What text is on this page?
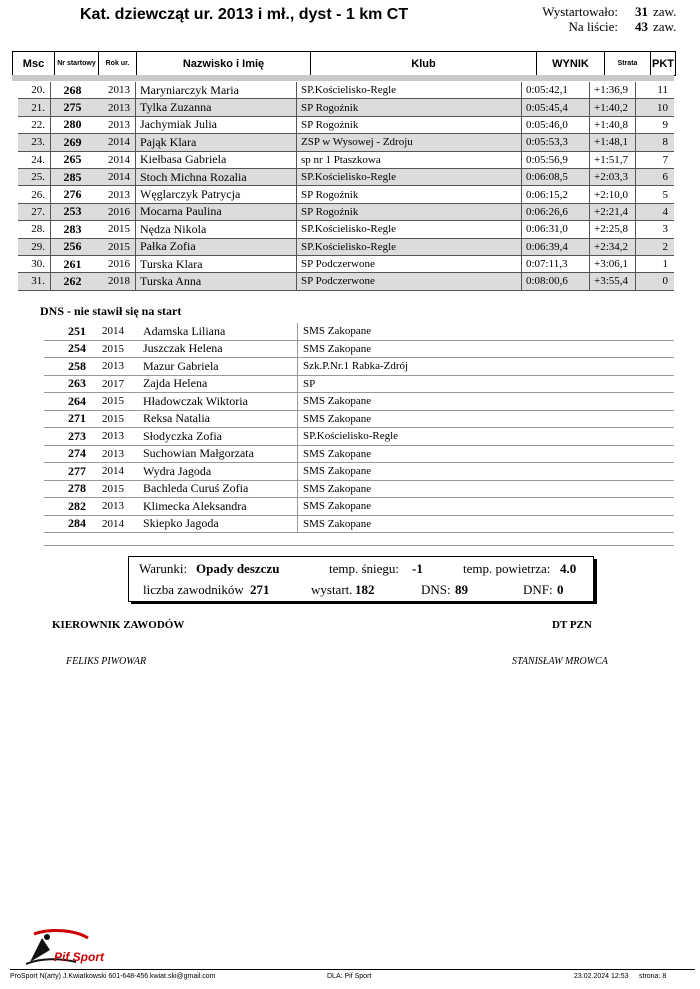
Kat. dziewcząt ur. 2013 i mł., dyst - 1 km CT	Wystartowało:	31 zaw.
Na liście:	43 zaw.
Msc	Nr startowy	Rok ur.	Nazwisko i Imię	Klub	WYNIK	Strata	PKT
20.	268	2013 Maryniarczyk Maria	SP.Kościelisko-Regle	0:05:42,1	+1:36,9	11
21.	275	2013 Tylka Zuzanna	SP Rogoźnik	0:05:45,4	+1:40,2	10
22.	280	2013 Jachymiak Julia	SP Rogoźnik	0:05:46,0	+1:40,8	9
23.	269	2014 Pająk Klara	ZSP w Wysowej - Zdroju	0:05:53,3	+1:48,1	8
24.	265	2014 Kiełbasa Gabriela	sp nr 1 Ptaszkowa	0:05:56,9	+1:51,7	7
25.	285	2014 Stoch Michna Rozalia	SP.Kościelisko-Regle	0:06:08,5	+2:03,3	6
26.	276	2013 Węglarczyk Patrycja	SP Rogoźnik	0:06:15,2	+2:10,0	5
27.	253	2016 Mocarna Paulina	SP Rogoźnik	0:06:26,6	+2:21,4	4
28.	283	2015 Nędza Nikola	SP.Kościelisko-Regle	0:06:31,0	+2:25,8	3
29.	256	2015 Pałka Zofia	SP.Kościelisko-Regle	0:06:39,4	+2:34,2	2
30.	261	2016 Turska Klara	SP Podczerwone	0:07:11,3	+3:06,1	1
31.	262	2018 Turska Anna	SP Podczerwone	0:08:00,6	+3:55,4	0
DNS - nie stawił się na start
251	2014	Adamska Liliana	SMS Zakopane
254	2015	Juszczak Helena	SMS Zakopane
258	2013	Mazur Gabriela	Szk.P.Nr.1 Rabka-Zdrój
263	2017	Zajda Helena	SP
264	2015	Hładowczak Wiktoria	SMS Zakopane
271	2015	Reksa Natalia	SMS Zakopane
273	2013	Słodyczka Zofia	SP.Kościelisko-Regle
274	2013	Suchowian Małgorzata	SMS Zakopane
277	2014	Wydra Jagoda	SMS Zakopane
278	2015	Bachleda Curuś Zofia	SMS Zakopane
282	2013	Klimecka Aleksandra	SMS Zakopane
284	2014	Skiepko Jagoda	SMS Zakopane
Warunki: Opady deszczu	temp. śniegu: -1	temp. powietrza: 4.0
liczba zawodników 271	wystart. 182	DNS: 89	DNF: 0
KIEROWNIK ZAWODÓW	DT PZN
FELIKS PIWOWAR	STANISŁAW MROWCA
Pif Sport
ProSport N(arty) J.Kwiatkowski 601-648-456 kwiat.ski@gmail.com	DLA: Pif Sport	23.02.2024 12:53 strona: 8
